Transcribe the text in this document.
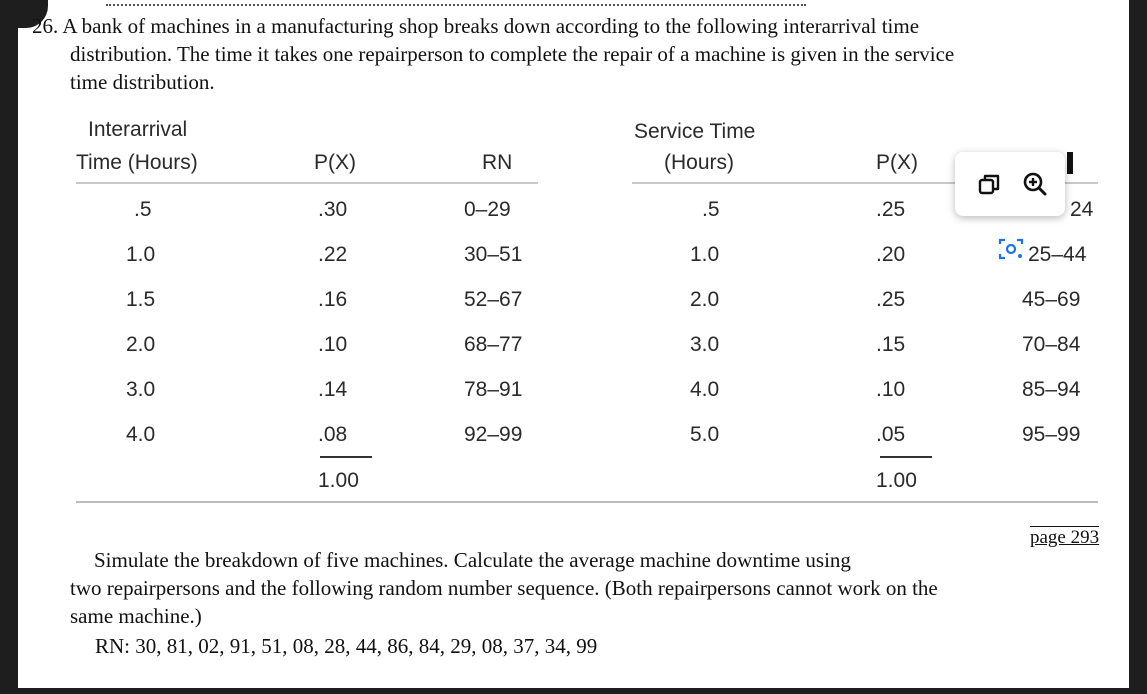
26. A bank of machines in a manufacturing shop breaks down according to the following interarrival time
distribution. The time it takes one repairperson to complete the repair of a machine is given in the service
time distribution.
Interarrival
Time (Hours)	P(X)	RN
.5	.30	0–29
1.0	.22	30–51
1.5	.16	52–67
2.0	.10	68–77
3.0	.14	78–91
4.0	.08	92–99
1.00
Service Time
(Hours)	P(X)
.5	.25	24
1.0	.20	25–44
2.0	.25	45–69
3.0	.15	70–84
4.0	.10	85–94
5.0	.05	95–99
1.00
page 293
Simulate the breakdown of five machines. Calculate the average machine downtime using
two repairpersons and the following random number sequence. (Both repairpersons cannot work on the
same machine.)
RN: 30, 81, 02, 91, 51, 08, 28, 44, 86, 84, 29, 08, 37, 34, 99
